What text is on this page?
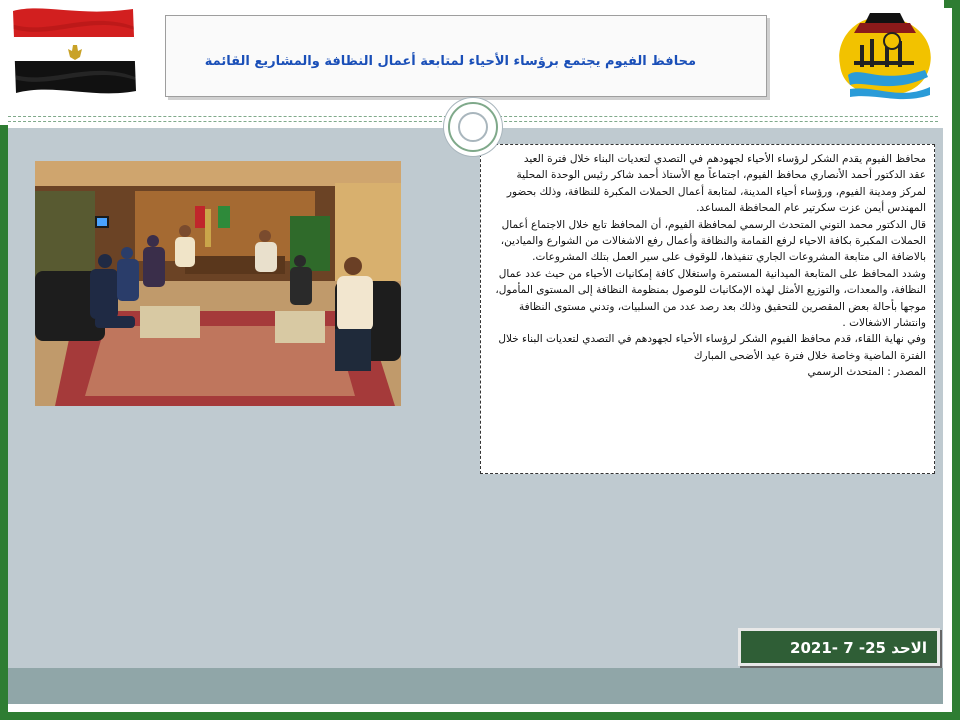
محافظ الفيوم يجتمع برؤساء الأحياء لمتابعة أعمال النظافة والمشاريع القائمة

محافظ الفيوم يقدم الشكر لرؤساء الأحياء لجهودهم في التصدي لتعديات البناء خلال فترة العيد

عقد الدكتور أحمد الأنصاري محافظ الفيوم، اجتماعاً مع الأستاذ أحمد شاكر رئيس الوحدة المحلية لمركز ومدينة الفيوم، ورؤساء أحياء المدينة، لمتابعة أعمال الحملات المكبرة للنظافة، وذلك بحضور المهندس أيمن عزت سكرتير عام المحافظة المساعد.

قال الدكتور محمد التوني المتحدث الرسمي لمحافظة الفيوم، أن المحافظ تابع خلال الاجتماع أعمال الحملات المكبرة بكافة الاحياء لرفع القمامة والنظافة وأعمال رفع الاشغالات من الشوارع والميادين، بالاضافة الى متابعة المشروعات الجاري تنفيذها، للوقوف على سير العمل بتلك المشروعات.

وشدد المحافظ على المتابعة الميدانية المستمرة واستغلال كافة إمكانيات الأحياء من حيث عدد عمال النظافة، والمعدات، والتوزيع الأمثل لهذه الإمكانيات للوصول بمنظومة النظافة إلى المستوى المأمول، موجها بأحالة بعض المقصرين للتحقيق وذلك بعد رصد عدد من السلبيات، وتدني مستوى النظافة وانتشار الاشغالات .

وفي نهاية اللقاء، قدم محافظ الفيوم الشكر لرؤساء الأحياء لجهودهم في التصدي لتعديات البناء خلال الفترة الماضية وخاصة خلال فترة عيد الأضحى المبارك

المصدر : المتحدث الرسمي

الاحد 25- 7 -2021
